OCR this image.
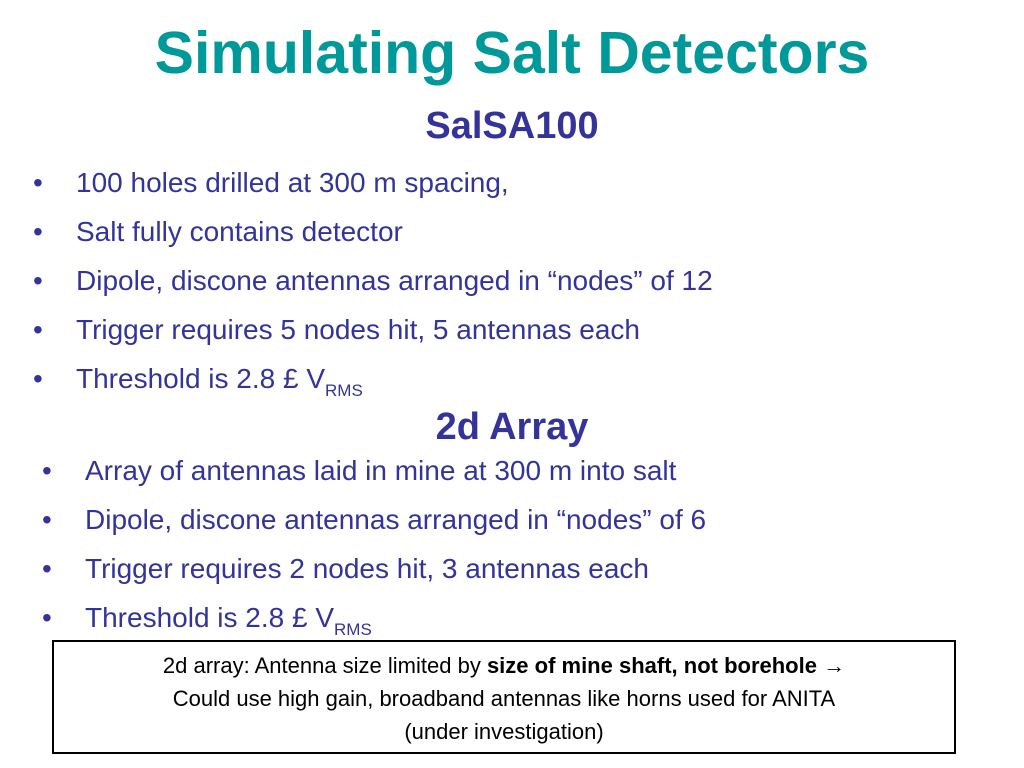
Simulating Salt Detectors
SalSA100
• 100 holes drilled at 300 m spacing,
• Salt fully contains detector
• Dipole, discone antennas arranged in “nodes” of 12
• Trigger requires 5 nodes hit, 5 antennas each
• Threshold is 2.8 £ $V_{RMS}$
2d Array
• Array of antennas laid in mine at 300 m into salt
• Dipole, discone antennas arranged in “nodes” of 6
• Trigger requires 2 nodes hit, 3 antennas each
• Threshold is 2.8 £ $V_{RMS}$
2d array: Antenna size limited by size of mine shaft, not borehole →
Could use high gain, broadband antennas like horns used for ANITA
(under investigation)
